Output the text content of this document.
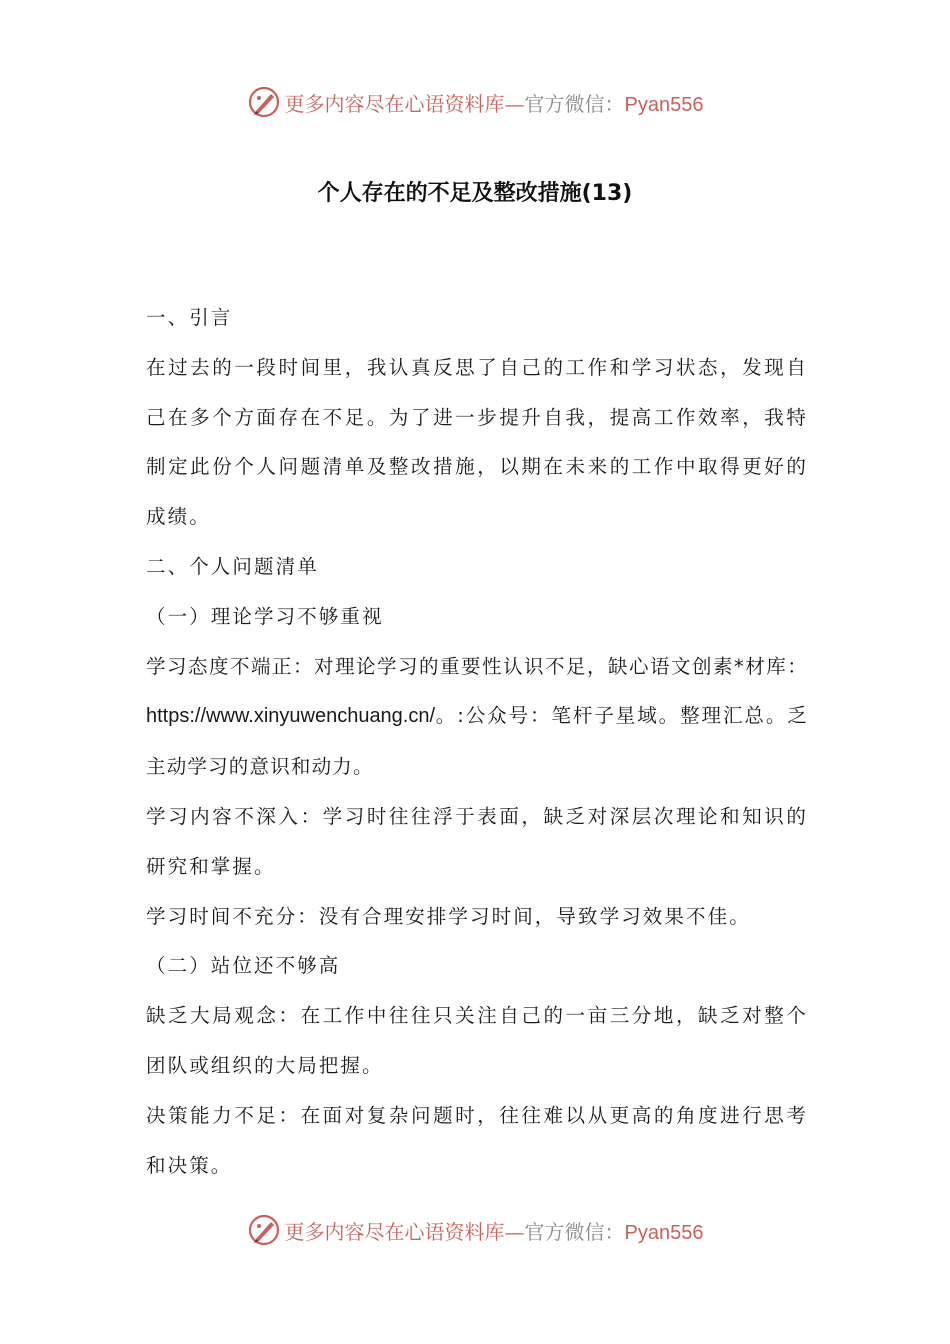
更多内容尽在心语资料库—官方微信：Pyan556
个人存在的不足及整改措施(13)

一、引言

在过去的一段时间里，我认真反思了自己的工作和学习状态，发现自己在多个方面存在不足。为了进一步提升自我，提高工作效率，我特制定此份个人问题清单及整改措施，以期在未来的工作中取得更好的成绩。

二、个人问题清单

（一）理论学习不够重视

学习态度不端正：对理论学习的重要性认识不足，缺心语文创素*材库：https://www.xinyuwenchuang.cn/。:公众号：笔杆子星域。整理汇总。乏主动学习的意识和动力。

学习内容不深入：学习时往往浮于表面，缺乏对深层次理论和知识的研究和掌握。

学习时间不充分：没有合理安排学习时间，导致学习效果不佳。

（二）站位还不够高

缺乏大局观念：在工作中往往只关注自己的一亩三分地，缺乏对整个团队或组织的大局把握。

决策能力不足：在面对复杂问题时，往往难以从更高的角度进行思考和决策。

更多内容尽在心语资料库—官方微信：Pyan556
